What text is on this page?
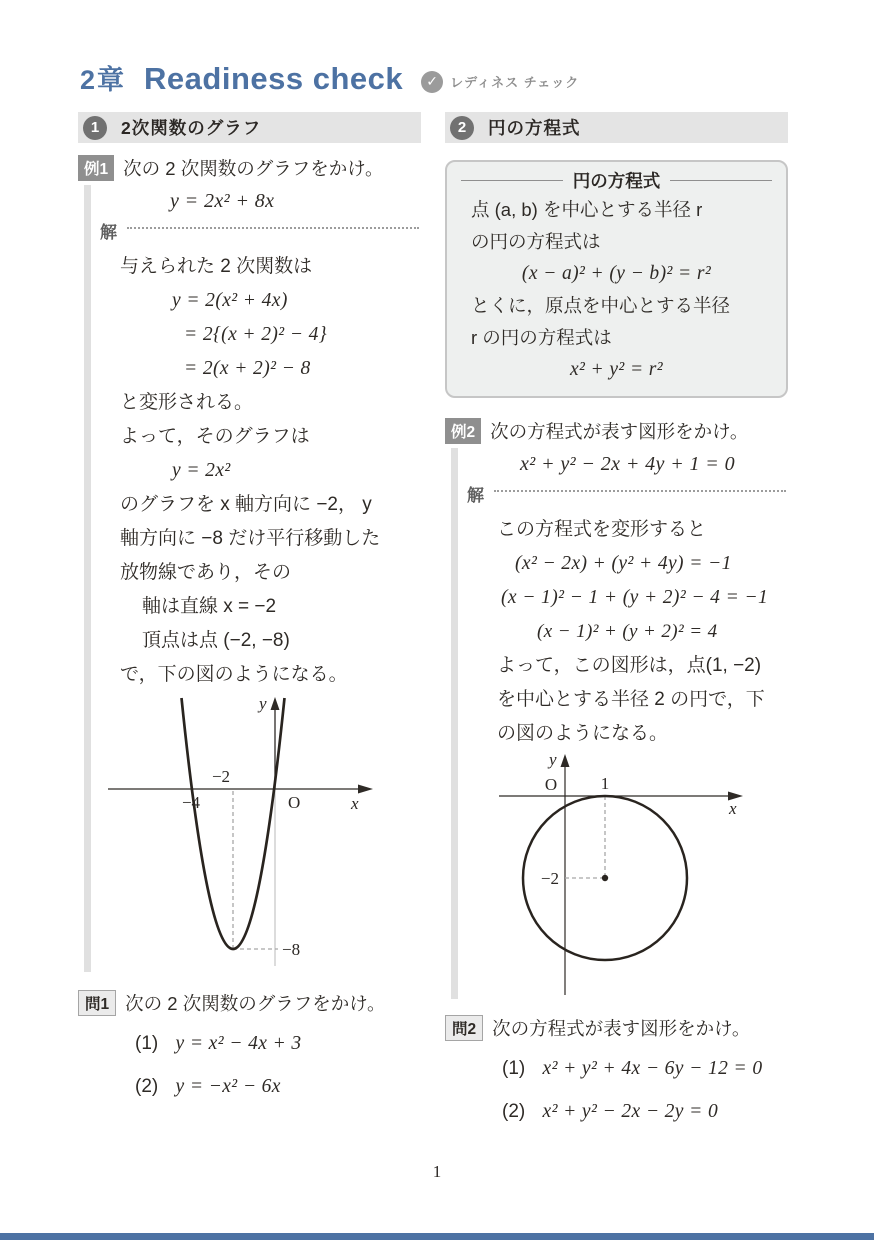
2章 Readiness check	✓ レディネス チェック
1	2次関数のグラフ
例1 次の 2 次関数のグラフをかけ。
y = 2x² + 8x
解
与えられた 2 次関数は
y = 2(x² + 4x)
= 2{(x + 2)² − 4}
= 2(x + 2)² − 8
と変形される。
よって，そのグラフは
y = 2x²
のグラフを x 軸方向に −2， y
軸方向に −8 だけ平行移動した
放物線であり，その
軸は直線 x = −2
頂点は点 (−2, −8)
で，下の図のようになる。
−2
−4	O	x
y
−8
問1 次の 2 次関数のグラフをかけ。
(1) y = x² − 4x + 3
(2) y = −x² − 6x
2	円の方程式
円の方程式
点 (a, b) を中心とする半径 r
の円の方程式は
(x − a)² + (y − b)² = r²
とくに，原点を中心とする半径
r の円の方程式は
x² + y² = r²
例2 次の方程式が表す図形をかけ。
x² + y² − 2x + 4y + 1 = 0
解
この方程式を変形すると
(x² − 2x) + (y² + 4y) = −1
(x − 1)² − 1 + (y + 2)² − 4 = −1
(x − 1)² + (y + 2)² = 4
よって，この図形は，点(1, −2)
を中心とする半径 2 の円で，下
の図のようになる。
O	1
−2
x
y
問2 次の方程式が表す図形をかけ。
(1) x² + y² + 4x − 6y − 12 = 0
(2) x² + y² − 2x − 2y = 0
1
